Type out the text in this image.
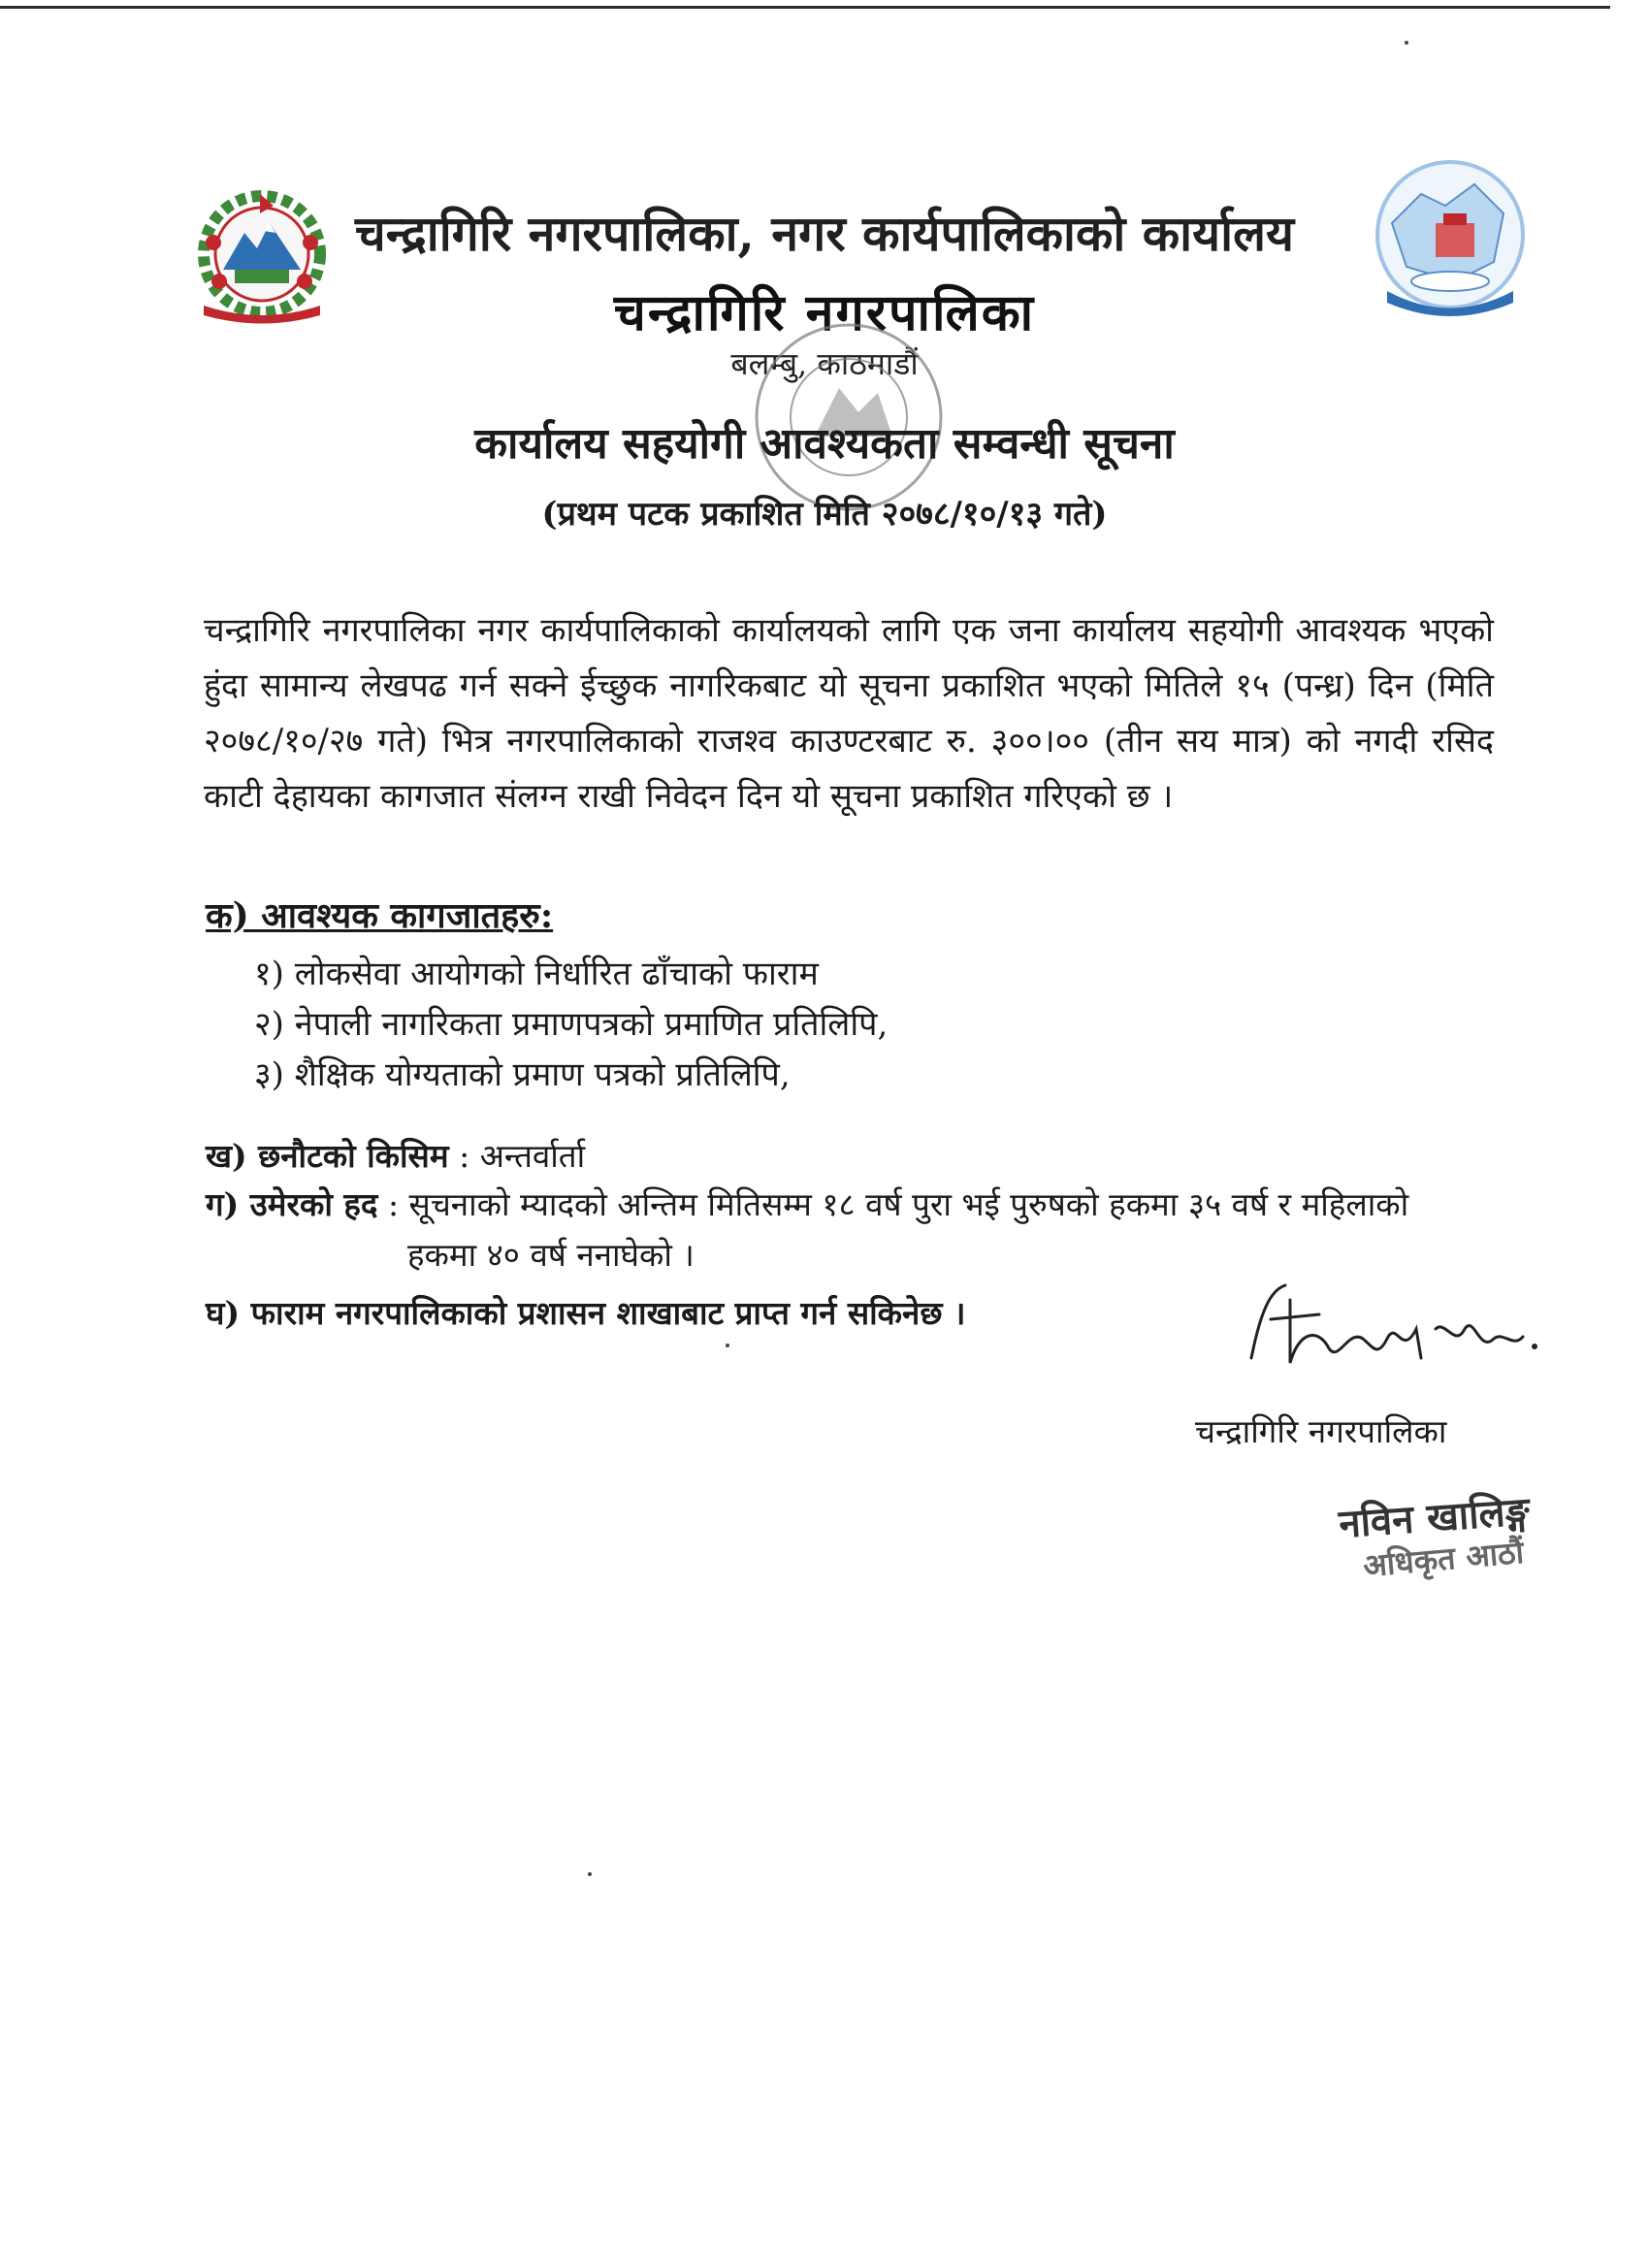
चन्द्रागिरि नगरपालिका, नगर कार्यपालिकाको कार्यालय
चन्द्रागिरि नगरपालिका
बलम्बु, काठमाडौं
कार्यालय सहयोगी आवश्यकता सम्वन्धी सूचना
(प्रथम पटक प्रकाशित मिति २०७८/१०/१३ गते)
चन्द्रागिरि नगरपालिका नगर कार्यपालिकाको कार्यालयको लागि एक जना कार्यालय सहयोगी आवश्यक भएको हुंदा सामान्य लेखपढ गर्न सक्ने ईच्छुक नागरिकबाट यो सूचना प्रकाशित भएको मितिले १५ (पन्ध्र) दिन (मिति २०७८/१०/२७ गते) भित्र नगरपालिकाको राजश्व काउण्टरबाट रु. ३००।०० (तीन सय मात्र) को नगदी रसिद काटी देहायका कागजात संलग्न राखी निवेदन दिन यो सूचना प्रकाशित गरिएको छ ।
क) आवश्यक कागजातहरु:
१) लोकसेवा आयोगको निर्धारित ढाँचाको फाराम
२) नेपाली नागरिकता प्रमाणपत्रको प्रमाणित प्रतिलिपि,
३) शैक्षिक योग्यताको प्रमाण पत्रको प्रतिलिपि,
ख) छनौटको किसिम : अन्तर्वार्ता
ग) उमेरको हद : सूचनाको म्यादको अन्तिम मितिसम्म १८ वर्ष पुरा भई पुरुषको हकमा ३५ वर्ष र महिलाको
हकमा ४० वर्ष ननाघेको ।
घ) फाराम नगरपालिकाको प्रशासन शाखाबाट प्राप्त गर्न सकिनेछ ।
चन्द्रागिरि नगरपालिका
नविन खालिङ्ग
अधिकृत आठौं
